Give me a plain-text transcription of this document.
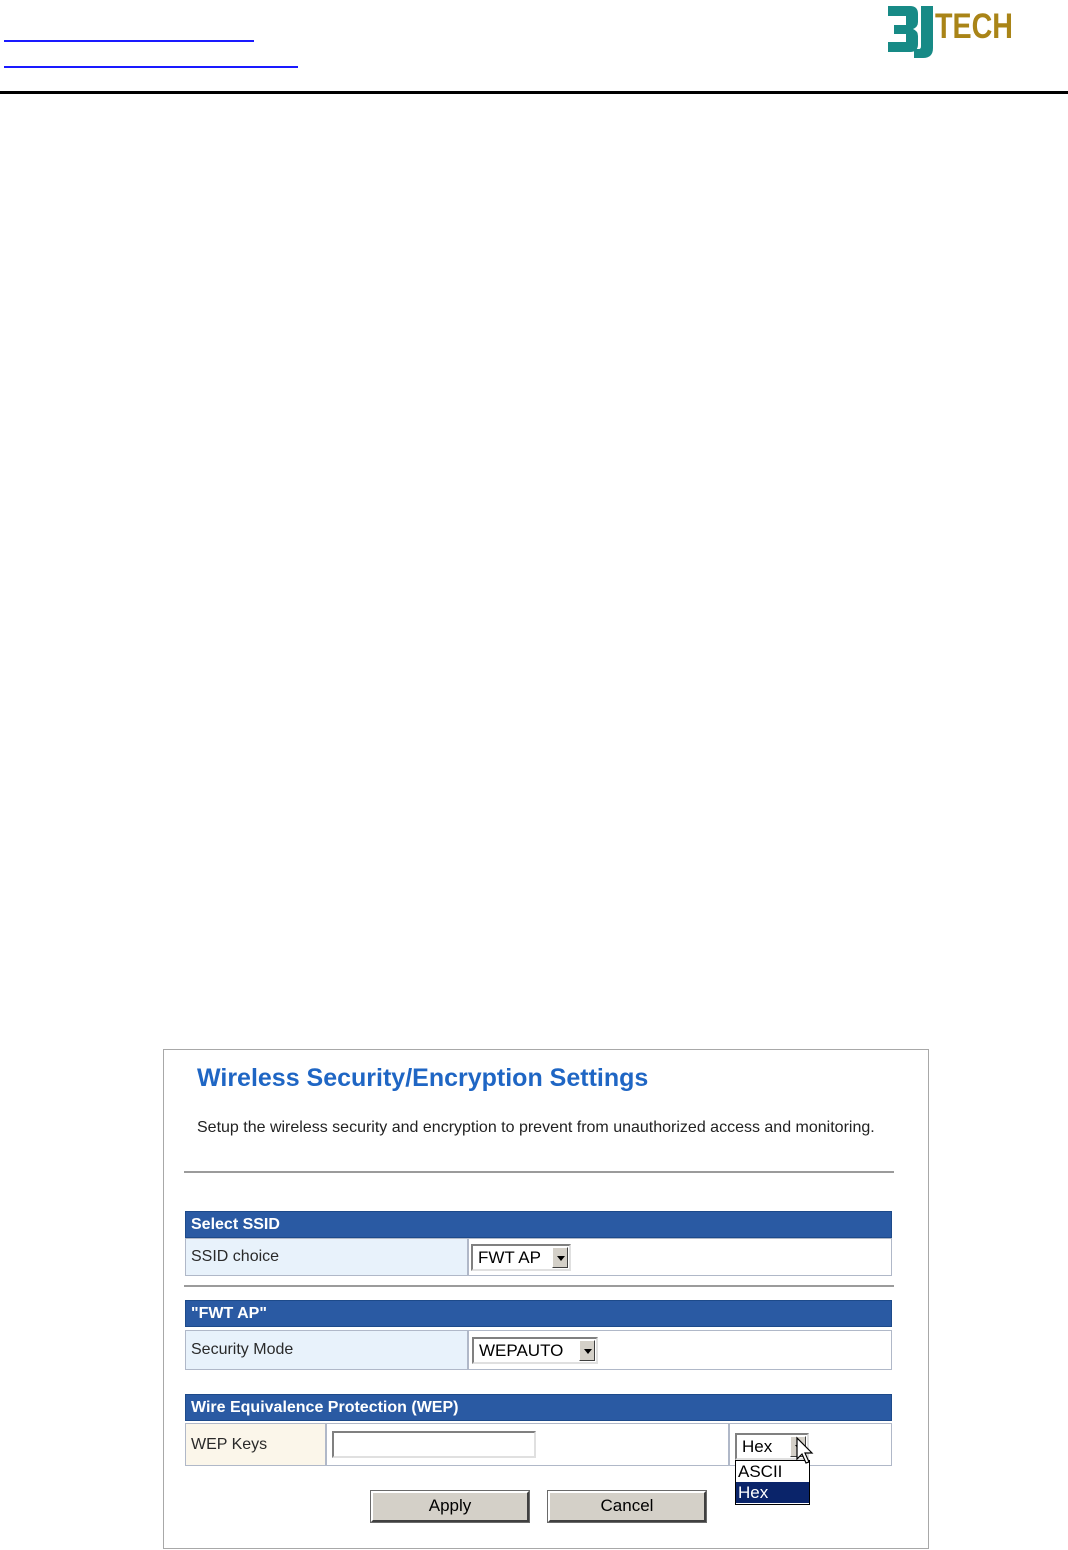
TECH
Wireless Security/Encryption Settings
Setup the wireless security and encryption to prevent from unauthorized access and monitoring.
Select SSID
SSID choice	FWT AP
"FWT AP"
Security Mode	WEPAUTO
Wire Equivalence Protection (WEP)
WEP Keys	Hex
ASCII
Hex
Apply	Cancel
